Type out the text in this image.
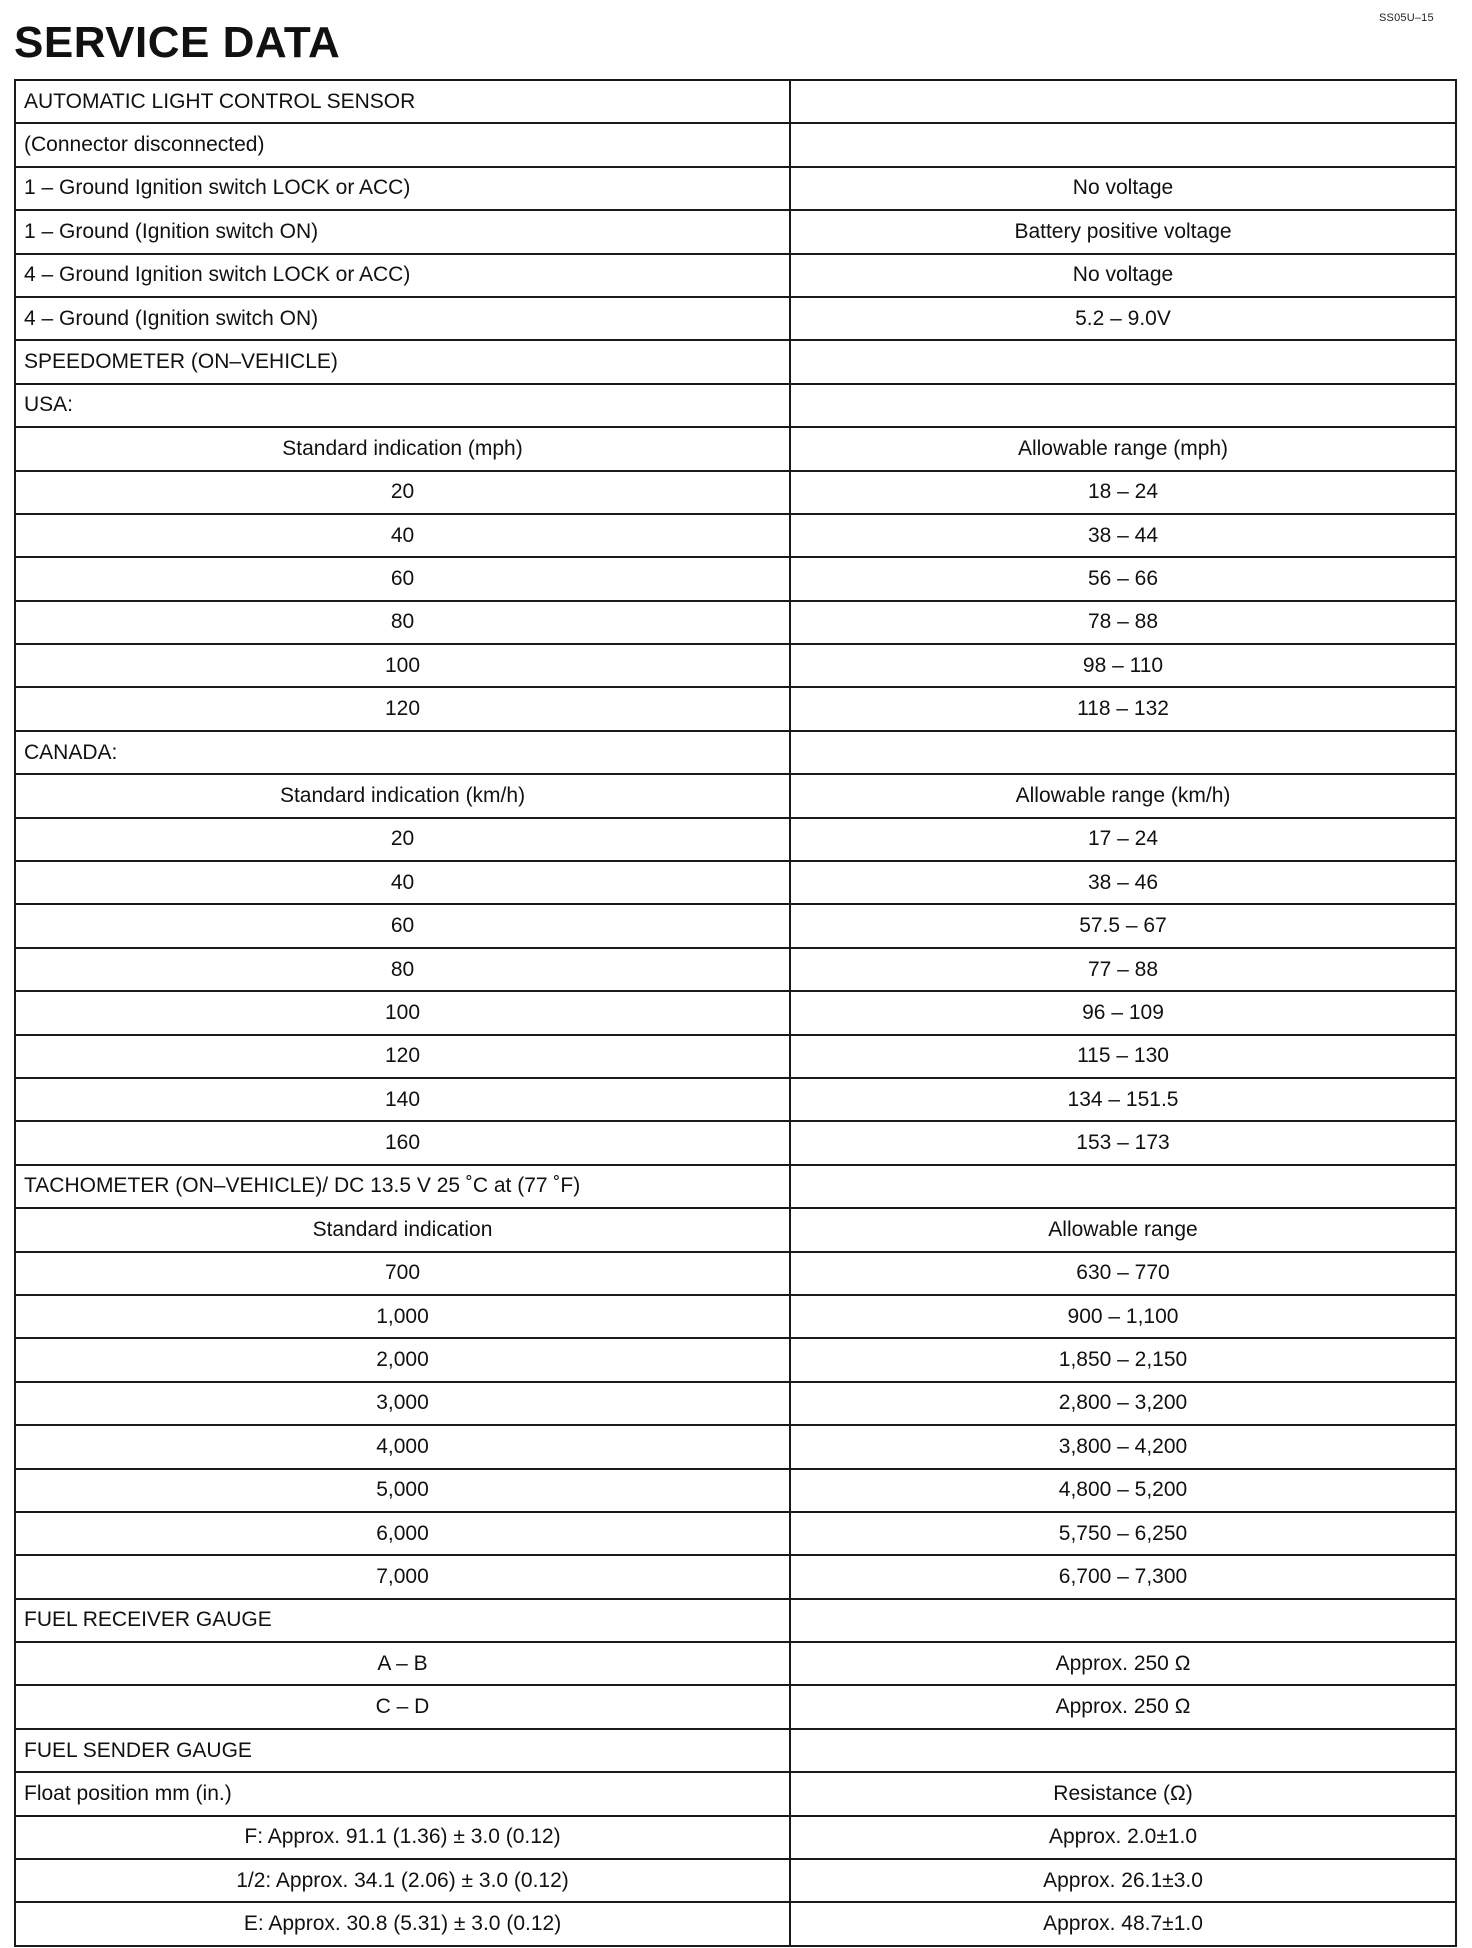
SS05U–15
SERVICE DATA
AUTOMATIC LIGHT CONTROL SENSOR	
(Connector disconnected)	
1 – Ground Ignition switch LOCK or ACC)	No voltage
1 – Ground (Ignition switch ON)	Battery positive voltage
4 – Ground Ignition switch LOCK or ACC)	No voltage
4 – Ground (Ignition switch ON)	5.2 – 9.0V
SPEEDOMETER (ON–VEHICLE)	
USA:	
Standard indication (mph)	Allowable range (mph)
20	18 – 24
40	38 – 44
60	56 – 66
80	78 – 88
100	98 – 110
120	118 – 132
CANADA:	
Standard indication (km/h)	Allowable range (km/h)
20	17 – 24
40	38 – 46
60	57.5 – 67
80	77 – 88
100	96 – 109
120	115 – 130
140	134 – 151.5
160	153 – 173
TACHOMETER (ON–VEHICLE)/ DC 13.5 V 25 ˚C at (77 ˚F)	
Standard indication	Allowable range
700	630 – 770
1,000	900 – 1,100
2,000	1,850 – 2,150
3,000	2,800 – 3,200
4,000	3,800 – 4,200
5,000	4,800 – 5,200
6,000	5,750 – 6,250
7,000	6,700 – 7,300
FUEL RECEIVER GAUGE	
A – B	Approx. 250 Ω
C – D	Approx. 250 Ω
FUEL SENDER GAUGE	
Float position mm (in.)	Resistance (Ω)
F: Approx. 91.1 (1.36) ± 3.0 (0.12)	Approx. 2.0±1.0
1/2: Approx. 34.1 (2.06) ± 3.0 (0.12)	Approx. 26.1±3.0
E: Approx. 30.8 (5.31) ± 3.0 (0.12)	Approx. 48.7±1.0
